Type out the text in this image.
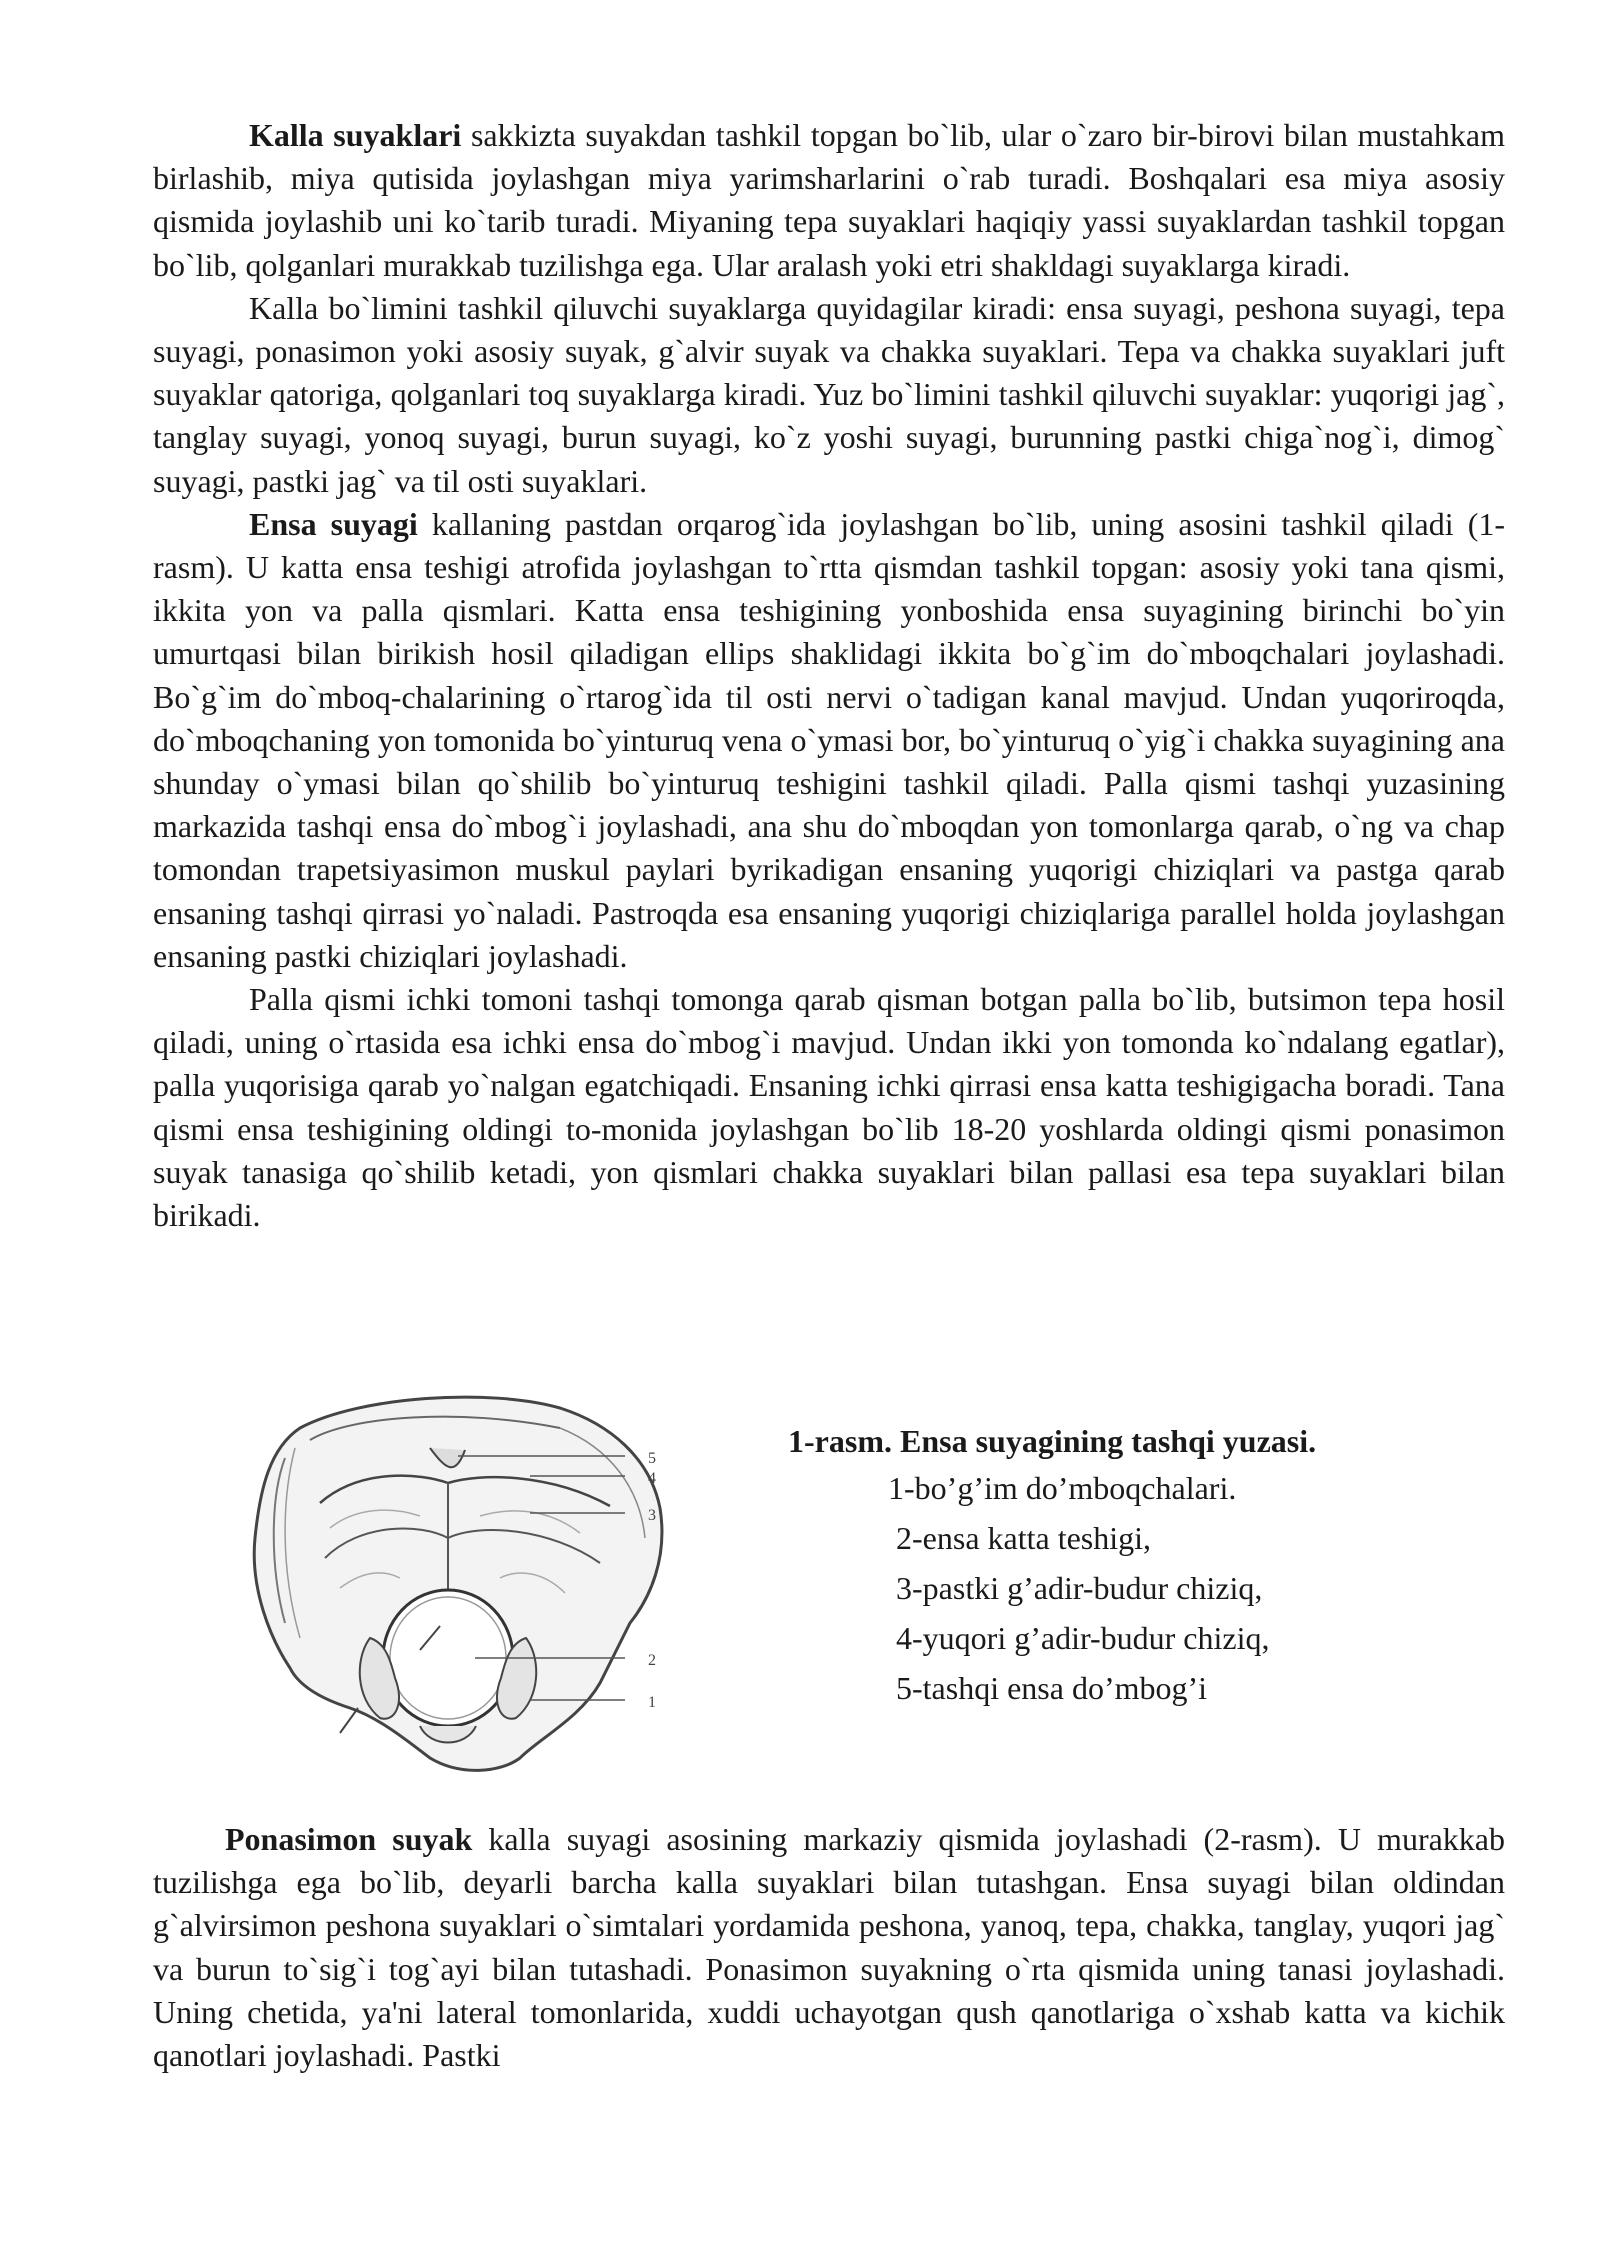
Kalla suyaklari sakkizta suyakdan tashkil topgan bo`lib, ular o`zaro bir-birovi bilan mustahkam birlashib, miya qutisida joylashgan miya yarimsharlarini o`rab turadi. Boshqalari esa miya asosiy qismida joylashib uni ko`tarib turadi. Miyaning tepa suyaklari haqiqiy yassi suyaklardan tashkil topgan bo`lib, qolganlari murakkab tuzilishga ega. Ular aralash yoki etri shakldagi suyaklarga kiradi.

Kalla bo`limini tashkil qiluvchi suyaklarga quyidagilar kiradi: ensa suyagi, peshona suyagi, tepa suyagi, ponasimon yoki asosiy suyak, g`alvir suyak va chakka suyaklari. Tepa va chakka suyaklari juft suyaklar qatoriga, qolganlari toq suyaklarga kiradi. Yuz bo`limini tashkil qiluvchi suyaklar: yuqorigi jag`, tanglay suyagi, yonoq suyagi, burun suyagi, ko`z yoshi suyagi, burunning pastki chiga`nog`i, dimog` suyagi, pastki jag` va til osti suyaklari.

Ensa suyagi kallaning pastdan orqarog`ida joylashgan bo`lib, uning asosini tashkil qiladi (1-rasm). U katta ensa teshigi atrofida joylashgan to`rtta qismdan tashkil topgan: asosiy yoki tana qismi, ikkita yon va palla qismlari. Katta ensa teshigining yonboshida ensa suyagining birinchi bo`yin umurtqasi bilan birikish hosil qiladigan ellips shaklidagi ikkita bo`g`im do`mboqchalari joylashadi. Bo`g`im do`mboq-chalarining o`rtarog`ida til osti nervi o`tadigan kanal mavjud. Undan yuqoriroqda, do`mboqchaning yon tomonida bo`yinturuq vena o`ymasi bor, bo`yinturuq o`yig`i chakka suyagining ana shunday o`ymasi bilan qo`shilib bo`yinturuq teshigini tashkil qiladi. Palla qismi tashqi yuzasining markazida tashqi ensa do`mbog`i joylashadi, ana shu do`mboqdan yon tomonlarga qarab, o`ng va chap tomondan trapetsiyasimon muskul paylari byrikadigan ensaning yuqorigi chiziqlari va pastga qarab ensaning tashqi qirrasi yo`naladi. Pastroqda esa ensaning yuqorigi chiziqlariga parallel holda joylashgan ensaning pastki chiziqlari joylashadi.

Palla qismi ichki tomoni tashqi tomonga qarab qisman botgan palla bo`lib, butsimon tepa hosil qiladi, uning o`rtasida esa ichki ensa do`mbog`i mavjud. Undan ikki yon tomonda ko`ndalang egatlar), palla yuqorisiga qarab yo`nalgan egatchiqadi. Ensaning ichki qirrasi ensa katta teshigigacha boradi. Tana qismi ensa teshigining oldingi to-monida joylashgan bo`lib 18-20 yoshlarda oldingi qismi ponasimon suyak tanasiga qo`shilib ketadi, yon qismlari chakka suyaklari bilan pallasi esa tepa suyaklari bilan birikadi.

5
4
3
2
1
1-rasm. Ensa suyagining tashqi yuzasi.
1-bo’g’im do’mboqchalari.
2-ensa katta teshigi,
3-pastki g’adir-budur chiziq,
4-yuqori g’adir-budur chiziq,
5-tashqi ensa do’mbog’i

Ponasimon suyak kalla suyagi asosining markaziy qismida joylashadi (2-rasm). U murakkab tuzilishga ega bo`lib, deyarli barcha kalla suyaklari bilan tutashgan. Ensa suyagi bilan oldindan g`alvirsimon peshona suyaklari o`simtalari yordamida peshona, yanoq, tepa, chakka, tanglay, yuqori jag` va burun to`sig`i tog`ayi bilan tutashadi. Ponasimon suyakning o`rta qismida uning tanasi joylashadi. Uning chetida, ya'ni lateral tomonlarida, xuddi uchayotgan qush qanotlariga o`xshab katta va kichik qanotlari joylashadi. Pastki
